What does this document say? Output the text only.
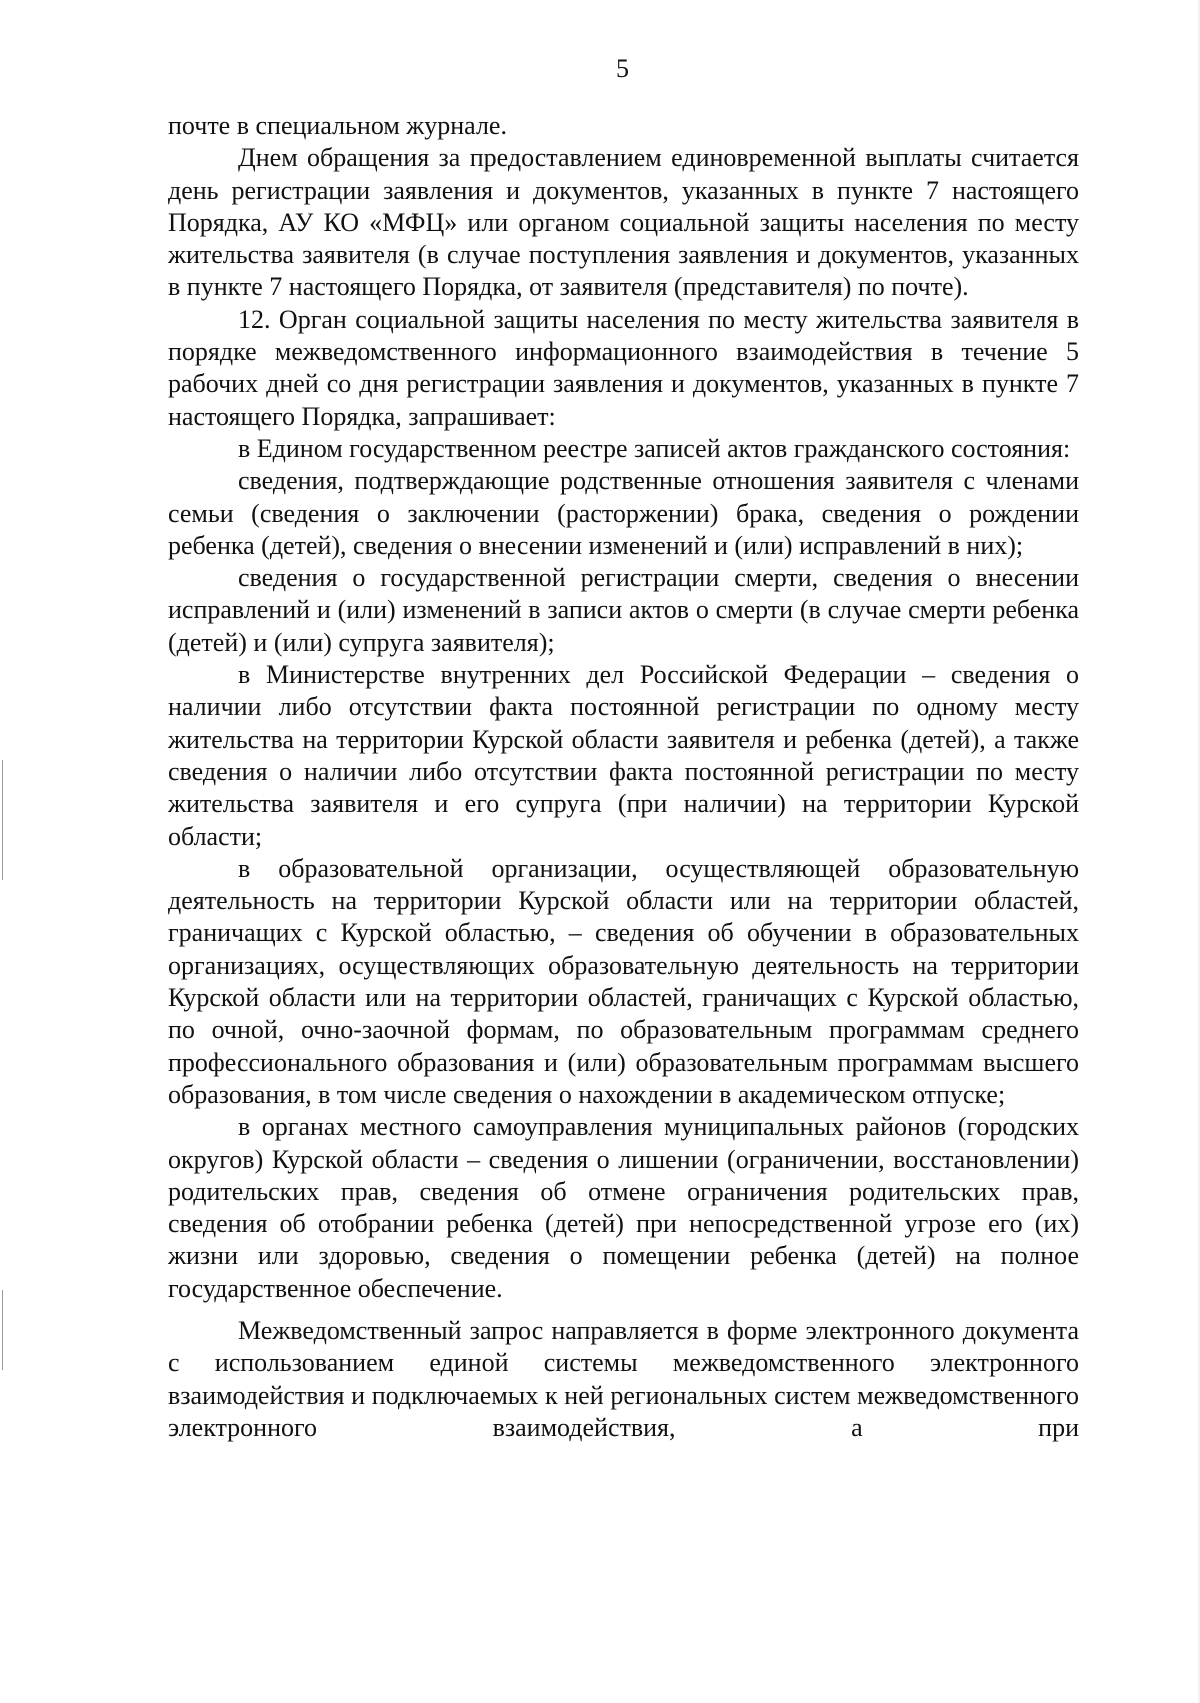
5

почте в специальном журнале.

Днем обращения за предоставлением единовременной выплаты считается день регистрации заявления и документов, указанных в пункте 7 настоящего Порядка, АУ КО «МФЦ» или органом социальной защиты населения по месту жительства заявителя (в случае поступления заявления и документов, указанных в пункте 7 настоящего Порядка, от заявителя (представителя) по почте).

12. Орган социальной защиты населения по месту жительства заявителя в порядке межведомственного информационного взаимодействия в течение 5 рабочих дней со дня регистрации заявления и документов, указанных в пункте 7 настоящего Порядка, запрашивает:

в Едином государственном реестре записей актов гражданского состояния:

сведения, подтверждающие родственные отношения заявителя с членами семьи (сведения о заключении (расторжении) брака, сведения о рождении ребенка (детей), сведения о внесении изменений и (или) исправлений в них);

сведения о государственной регистрации смерти, сведения о внесении исправлений и (или) изменений в записи актов о смерти (в случае смерти ребенка (детей) и (или) супруга заявителя);

в Министерстве внутренних дел Российской Федерации – сведения о наличии либо отсутствии факта постоянной регистрации по одному месту жительства на территории Курской области заявителя и ребенка (детей), а также сведения о наличии либо отсутствии факта постоянной регистрации по месту жительства заявителя и его супруга (при наличии) на территории Курской области;

в образовательной организации, осуществляющей образовательную деятельность на территории Курской области или на территории областей, граничащих с Курской областью, – сведения об обучении в образовательных организациях, осуществляющих образовательную деятельность на территории Курской области или на территории областей, граничащих с Курской областью, по очной, очно-заочной формам, по образовательным программам среднего профессионального образования и (или) образовательным программам высшего образования, в том числе сведения о нахождении в академическом отпуске;

в органах местного самоуправления муниципальных районов (городских округов) Курской области – сведения о лишении (ограничении, восстановлении) родительских прав, сведения об отмене ограничения родительских прав, сведения об отобрании ребенка (детей) при непосредственной угрозе его (их) жизни или здоровью, сведения о помещении ребенка (детей) на полное государственное обеспечение.

Межведомственный запрос направляется в форме электронного документа с использованием единой системы межведомственного электронного взаимодействия и подключаемых к ней региональных систем межведомственного электронного взаимодействия, а при
